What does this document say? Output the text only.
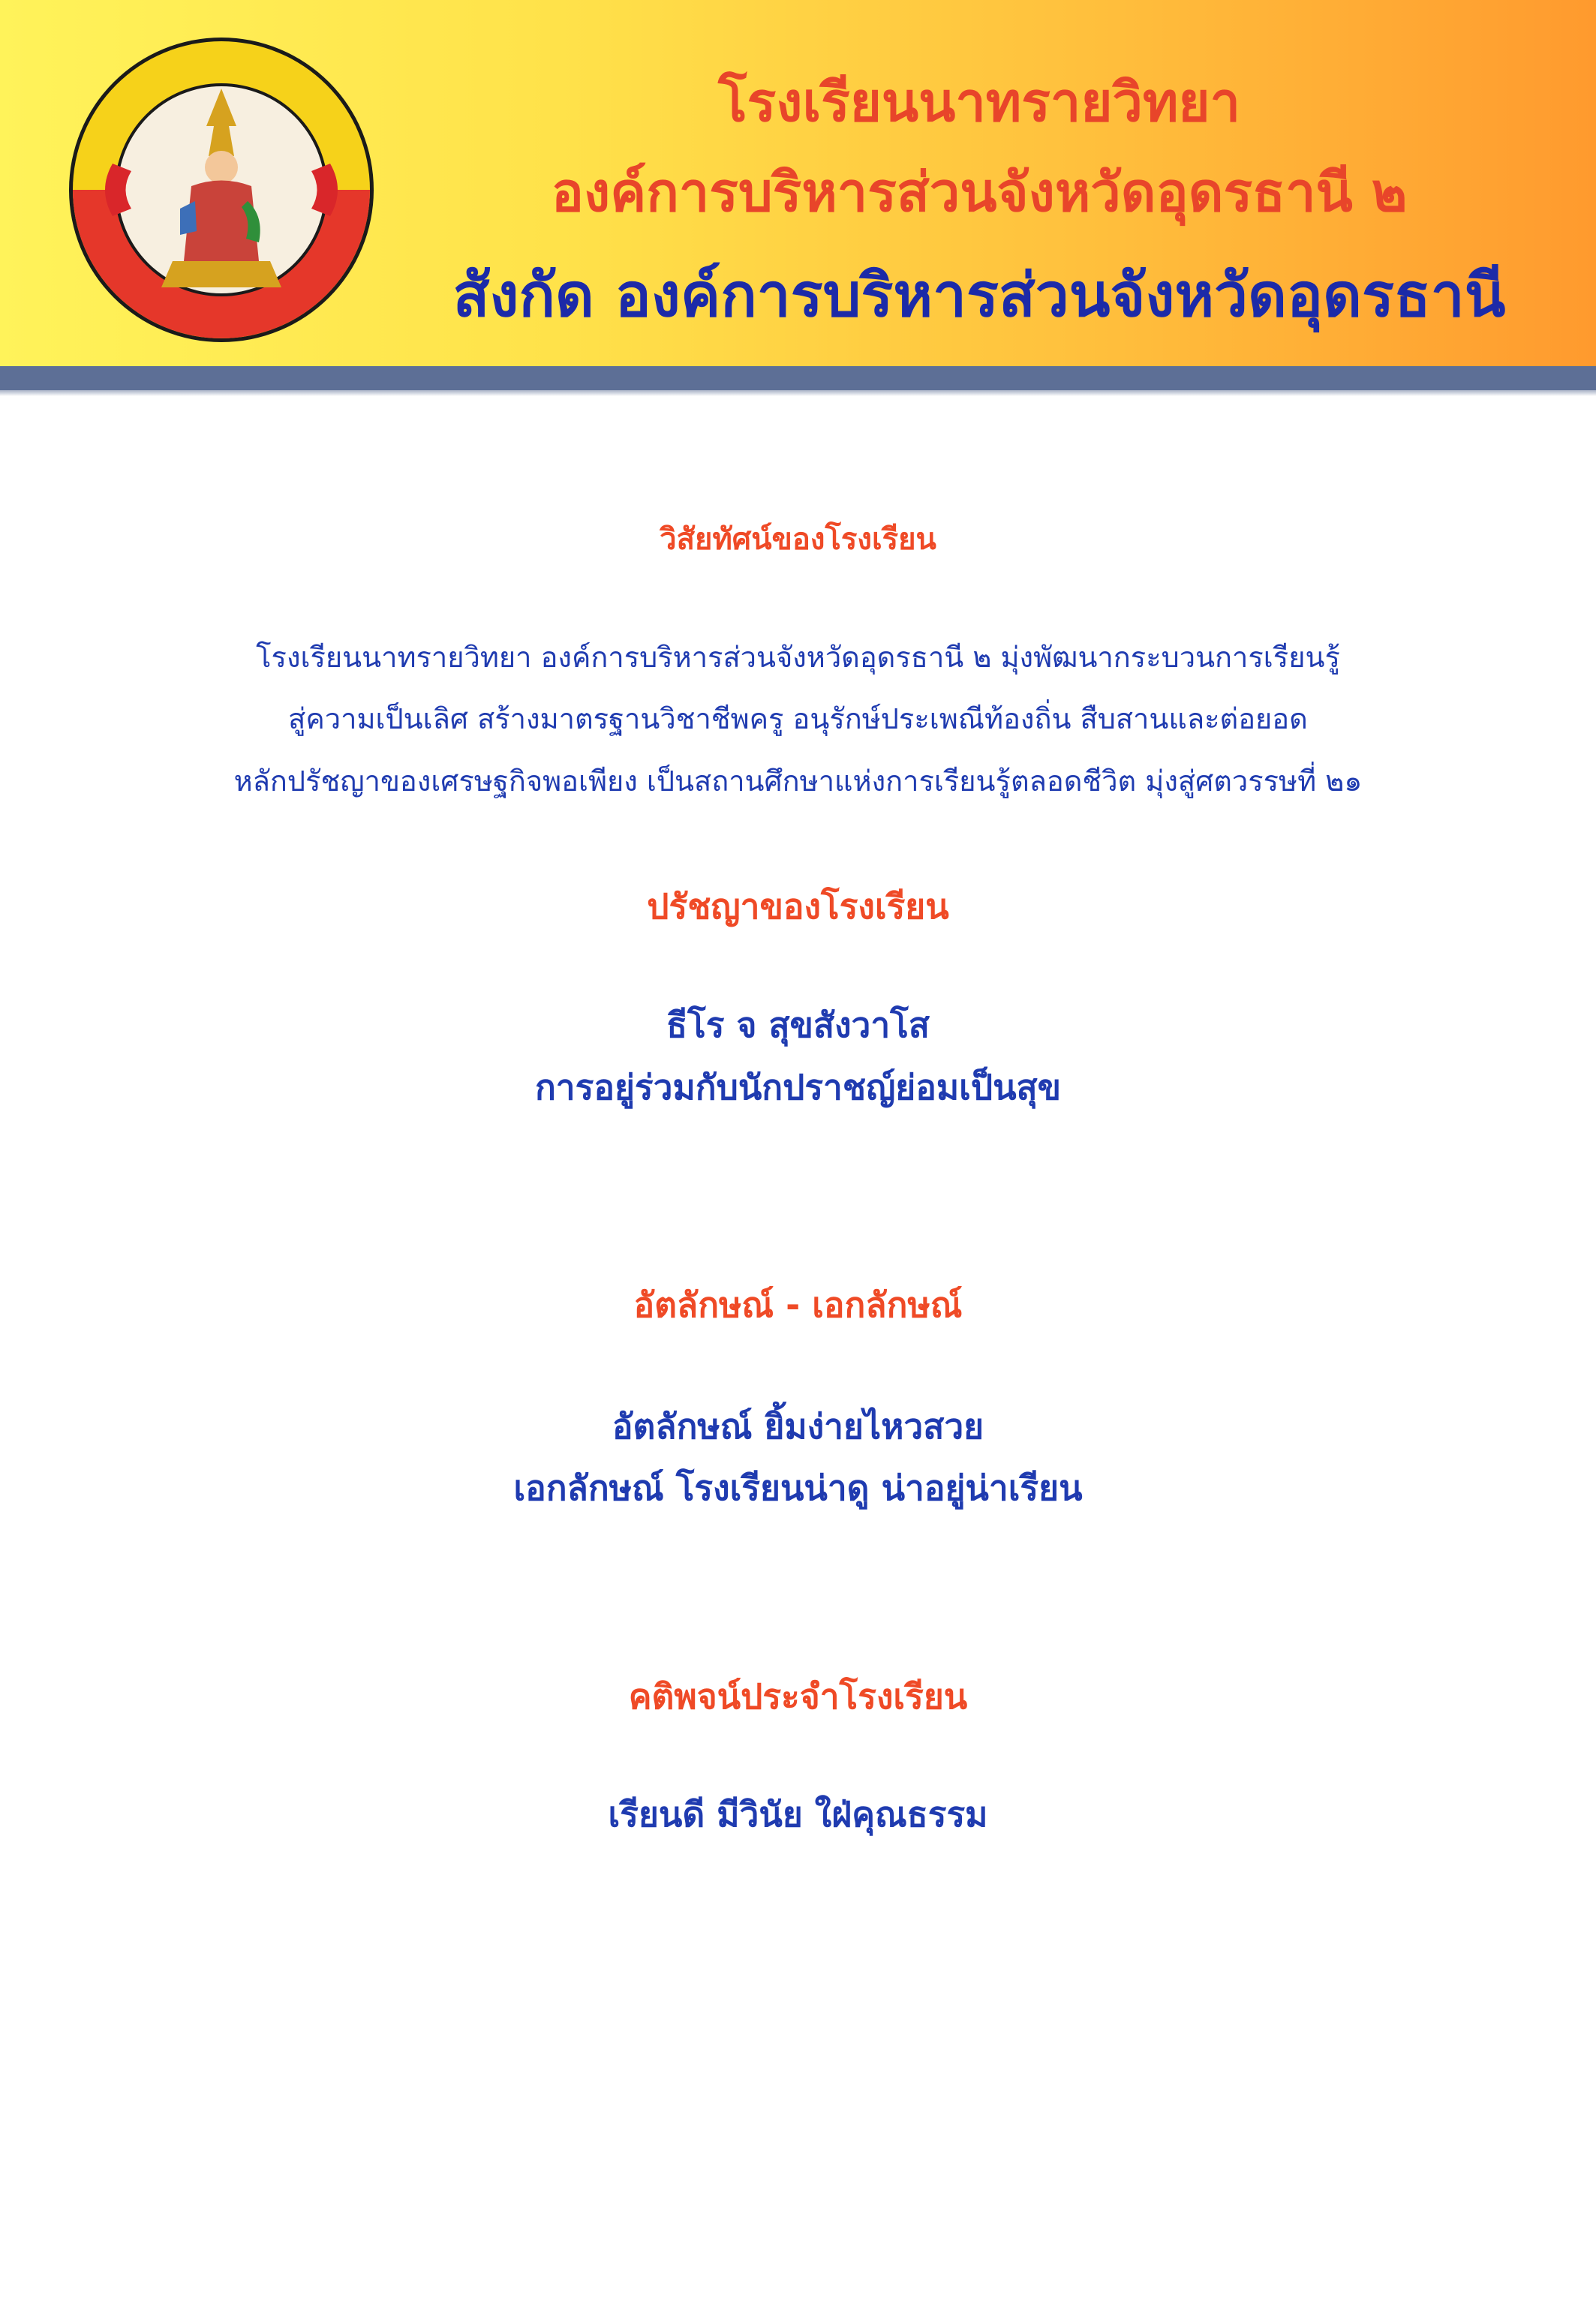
โรงเรียนนาทรายวิทยา
องค์การบริหารส่วนจังหวัดอุดรธานี ๒
สังกัด องค์การบริหารส่วนจังหวัดอุดรธานี
วิสัยทัศน์ของโรงเรียน
โรงเรียนนาทรายวิทยา องค์การบริหารส่วนจังหวัดอุดรธานี ๒ มุ่งพัฒนากระบวนการเรียนรู้
สู่ความเป็นเลิศ สร้างมาตรฐานวิชาชีพครู อนุรักษ์ประเพณีท้องถิ่น สืบสานและต่อยอด
หลักปรัชญาของเศรษฐกิจพอเพียง เป็นสถานศึกษาแห่งการเรียนรู้ตลอดชีวิต มุ่งสู่ศตวรรษที่ ๒๑
ปรัชญาของโรงเรียน
ธีโร จ สุขสังวาโส
การอยู่ร่วมกับนักปราชญ์ย่อมเป็นสุข
อัตลักษณ์ - เอกลักษณ์
อัตลักษณ์ ยิ้มง่ายไหวสวย
เอกลักษณ์ โรงเรียนน่าดู น่าอยู่น่าเรียน
คติพจน์ประจำโรงเรียน
เรียนดี มีวินัย ใฝ่คุณธรรม
